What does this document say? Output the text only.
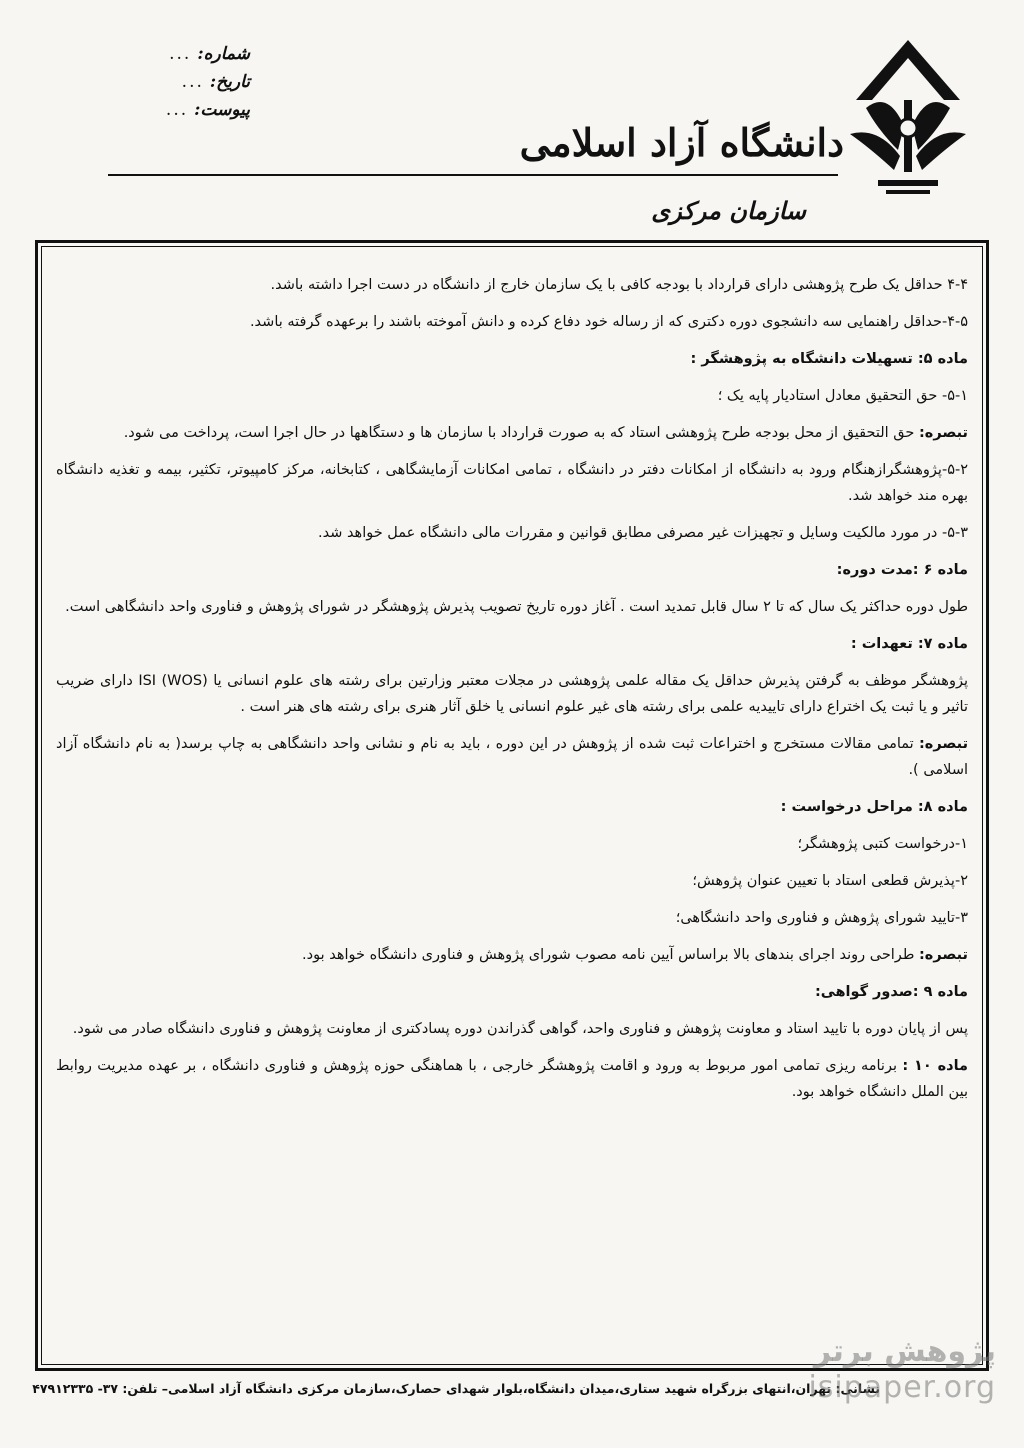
شماره:
...
تاریخ:
...
پیوست:
...
دانشگاه آزاد اسلامی
سازمان مرکزی

۴-۴ حداقل یک طرح پژوهشی دارای قرارداد با بودجه کافی با یک سازمان خارج از دانشگاه در دست اجرا داشته باشد.

۴-۵-حداقل راهنمایی سه دانشجوی دوره دکتری که از رساله خود دفاع کرده و دانش آموخته باشند را برعهده گرفته باشد.

ماده ۵: تسهیلات دانشگاه به پژوهشگر :

۵-۱- حق التحقیق معادل استادیار پایه یک ؛

تبصره: حق التحقیق از محل بودجه طرح پژوهشی استاد که به صورت قرارداد با سازمان ها و دستگاهها در حال اجرا است، پرداخت می شود.

۵-۲-پژوهشگرازهنگام ورود به دانشگاه از امکانات دفتر در دانشگاه ، تمامی امکانات آزمایشگاهی ، کتابخانه، مرکز کامپیوتر، تکثیر، بیمه و تغذیه دانشگاه بهره مند خواهد شد.

۵-۳- در مورد مالکیت وسایل و تجهیزات غیر مصرفی مطابق قوانین و مقررات مالی دانشگاه عمل خواهد شد.

ماده ۶ :مدت دوره:

طول دوره حداکثر یک سال که تا ۲ سال قابل تمدید است . آغاز دوره تاریخ تصویب پذیرش پژوهشگر در شورای پژوهش و فناوری واحد دانشگاهی است.

ماده ۷: تعهدات :

پژوهشگر موظف به گرفتن پذیرش حداقل یک مقاله علمی پژوهشی در مجلات معتبر وزارتین برای رشته های علوم انسانی یا ISI (WOS) دارای ضریب تاثیر و یا ثبت یک اختراع دارای تاییدیه علمی برای رشته های غیر علوم انسانی یا خلق آثار هنری برای رشته های هنر است .

تبصره: تمامی مقالات مستخرج و اختراعات ثبت شده از پژوهش در این دوره ، باید به نام و نشانی واحد دانشگاهی به چاپ برسد( به نام دانشگاه آزاد اسلامی ).

ماده ۸: مراحل درخواست :

۱-درخواست کتبی پژوهشگر؛

۲-پذیرش قطعی استاد با تعیین عنوان پژوهش؛

۳-تایید شورای پژوهش و فناوری واحد دانشگاهی؛

تبصره: طراحی روند اجرای بندهای بالا براساس آیین نامه مصوب شورای پژوهش و فناوری دانشگاه خواهد بود.

ماده ۹ :صدور گواهی:

پس از پایان دوره با تایید استاد و معاونت پژوهش و فناوری واحد، گواهی گذراندن دوره پسادکتری از معاونت پژوهش و فناوری دانشگاه صادر می شود.

ماده ۱۰ : برنامه ریزی تمامی امور مربوط به ورود و اقامت پژوهشگر خارجی ، با هماهنگی حوزه پژوهش و فناوری دانشگاه ، بر عهده مدیریت روابط بین الملل دانشگاه خواهد بود.

نشانی: تهران،انتهای بزرگراه شهید ستاری،میدان دانشگاه،بلوار شهدای حصارک،سازمان مرکزی دانشگاه آزاد اسلامی– تلفن: ۳۷- ۴۷۹۱۲۳۳۵
پژوهش برتر
isipaper.org
